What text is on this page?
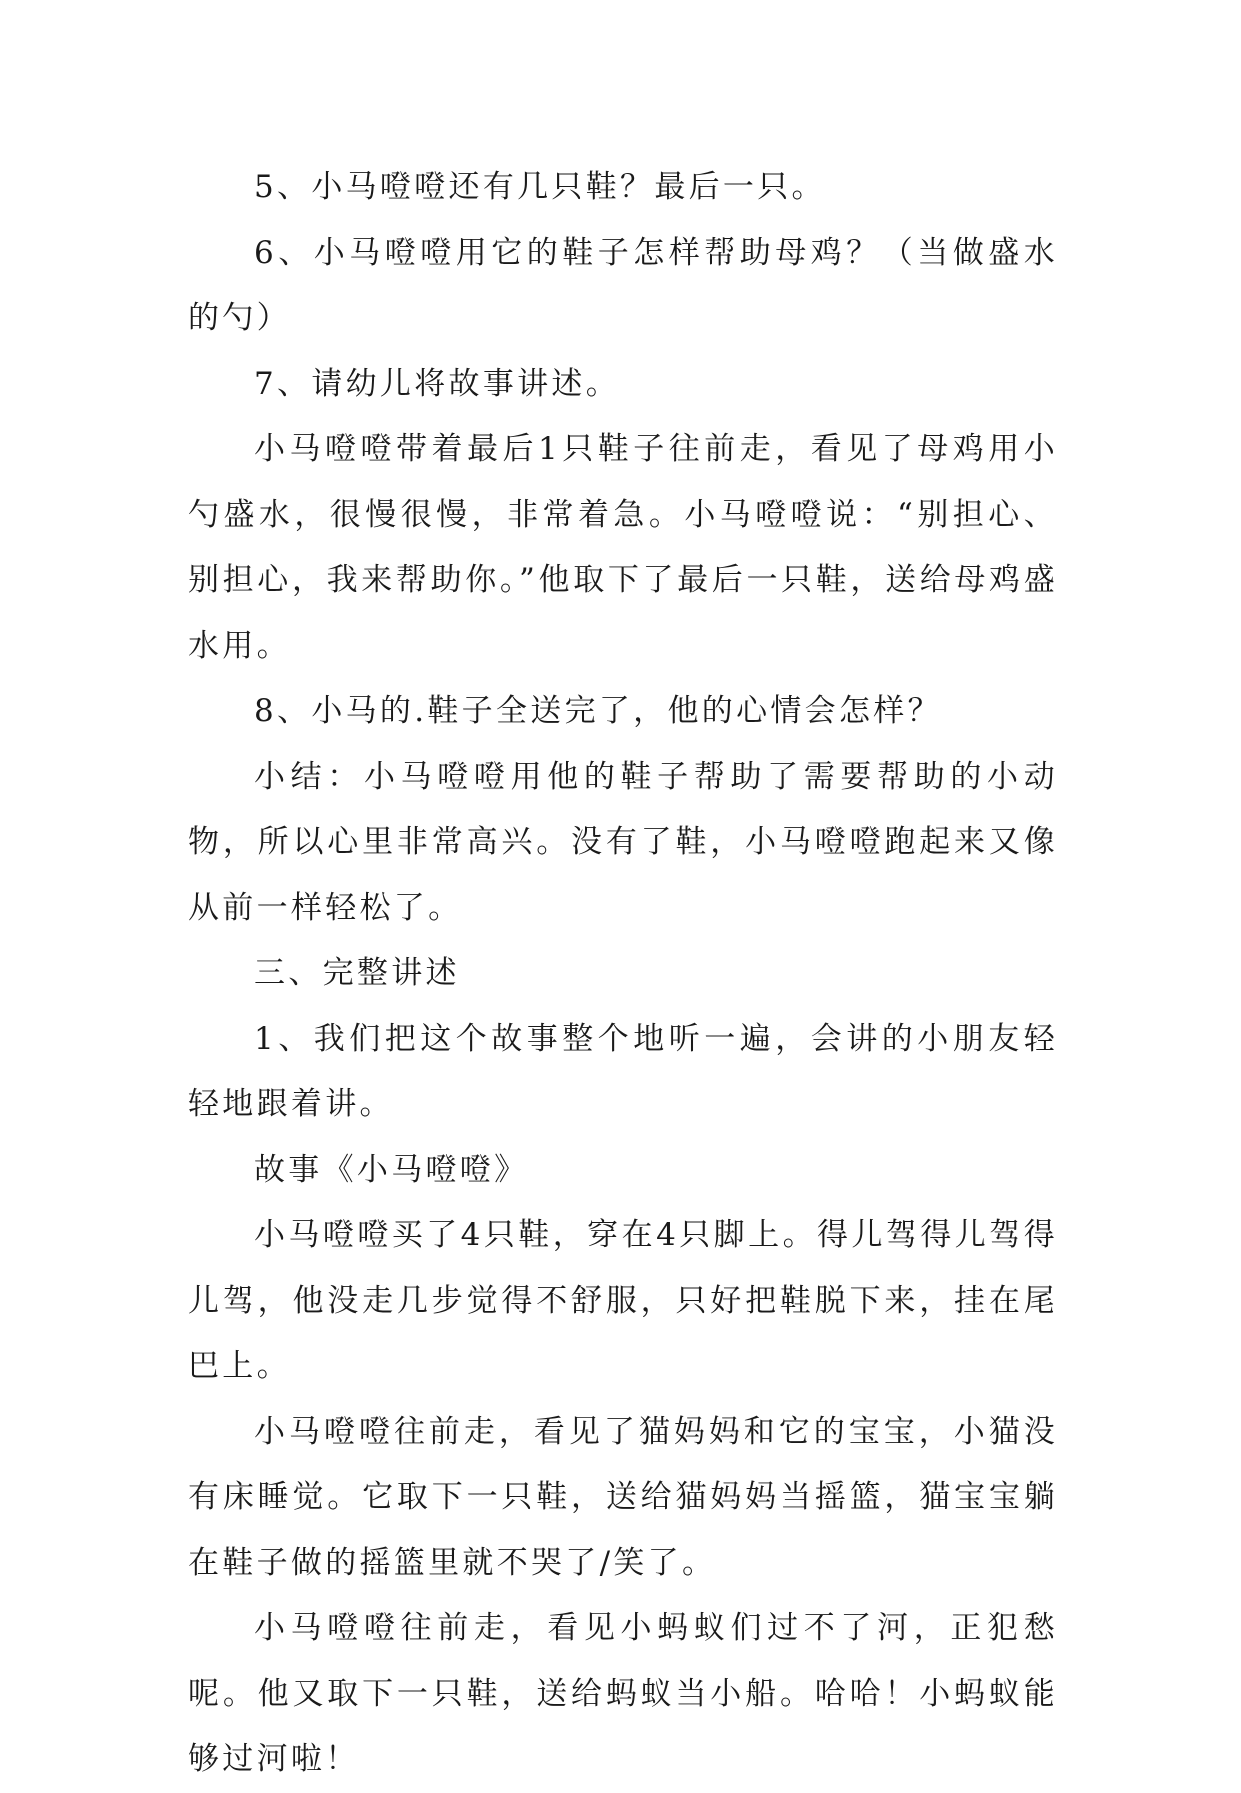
5、小马噔噔还有几只鞋？最后一只。

6、小马噔噔用它的鞋子怎样帮助母鸡？（当做盛水的勺）

7、请幼儿将故事讲述。

小马噔噔带着最后1只鞋子往前走，看见了母鸡用小勺盛水，很慢很慢，非常着急。小马噔噔说：“别担心、别担心，我来帮助你。”他取下了最后一只鞋，送给母鸡盛水用。

8、小马的.鞋子全送完了，他的心情会怎样？

小结：小马噔噔用他的鞋子帮助了需要帮助的小动物，所以心里非常高兴。没有了鞋，小马噔噔跑起来又像从前一样轻松了。

三、完整讲述

1、我们把这个故事整个地听一遍，会讲的小朋友轻轻地跟着讲。

故事《小马噔噔》

小马噔噔买了4只鞋，穿在4只脚上。得儿驾得儿驾得儿驾，他没走几步觉得不舒服，只好把鞋脱下来，挂在尾巴上。

小马噔噔往前走，看见了猫妈妈和它的宝宝，小猫没有床睡觉。它取下一只鞋，送给猫妈妈当摇篮，猫宝宝躺在鞋子做的摇篮里就不哭了/笑了。

小马噔噔往前走，看见小蚂蚁们过不了河，正犯愁呢。他又取下一只鞋，送给蚂蚁当小船。哈哈！小蚂蚁能够过河啦！
